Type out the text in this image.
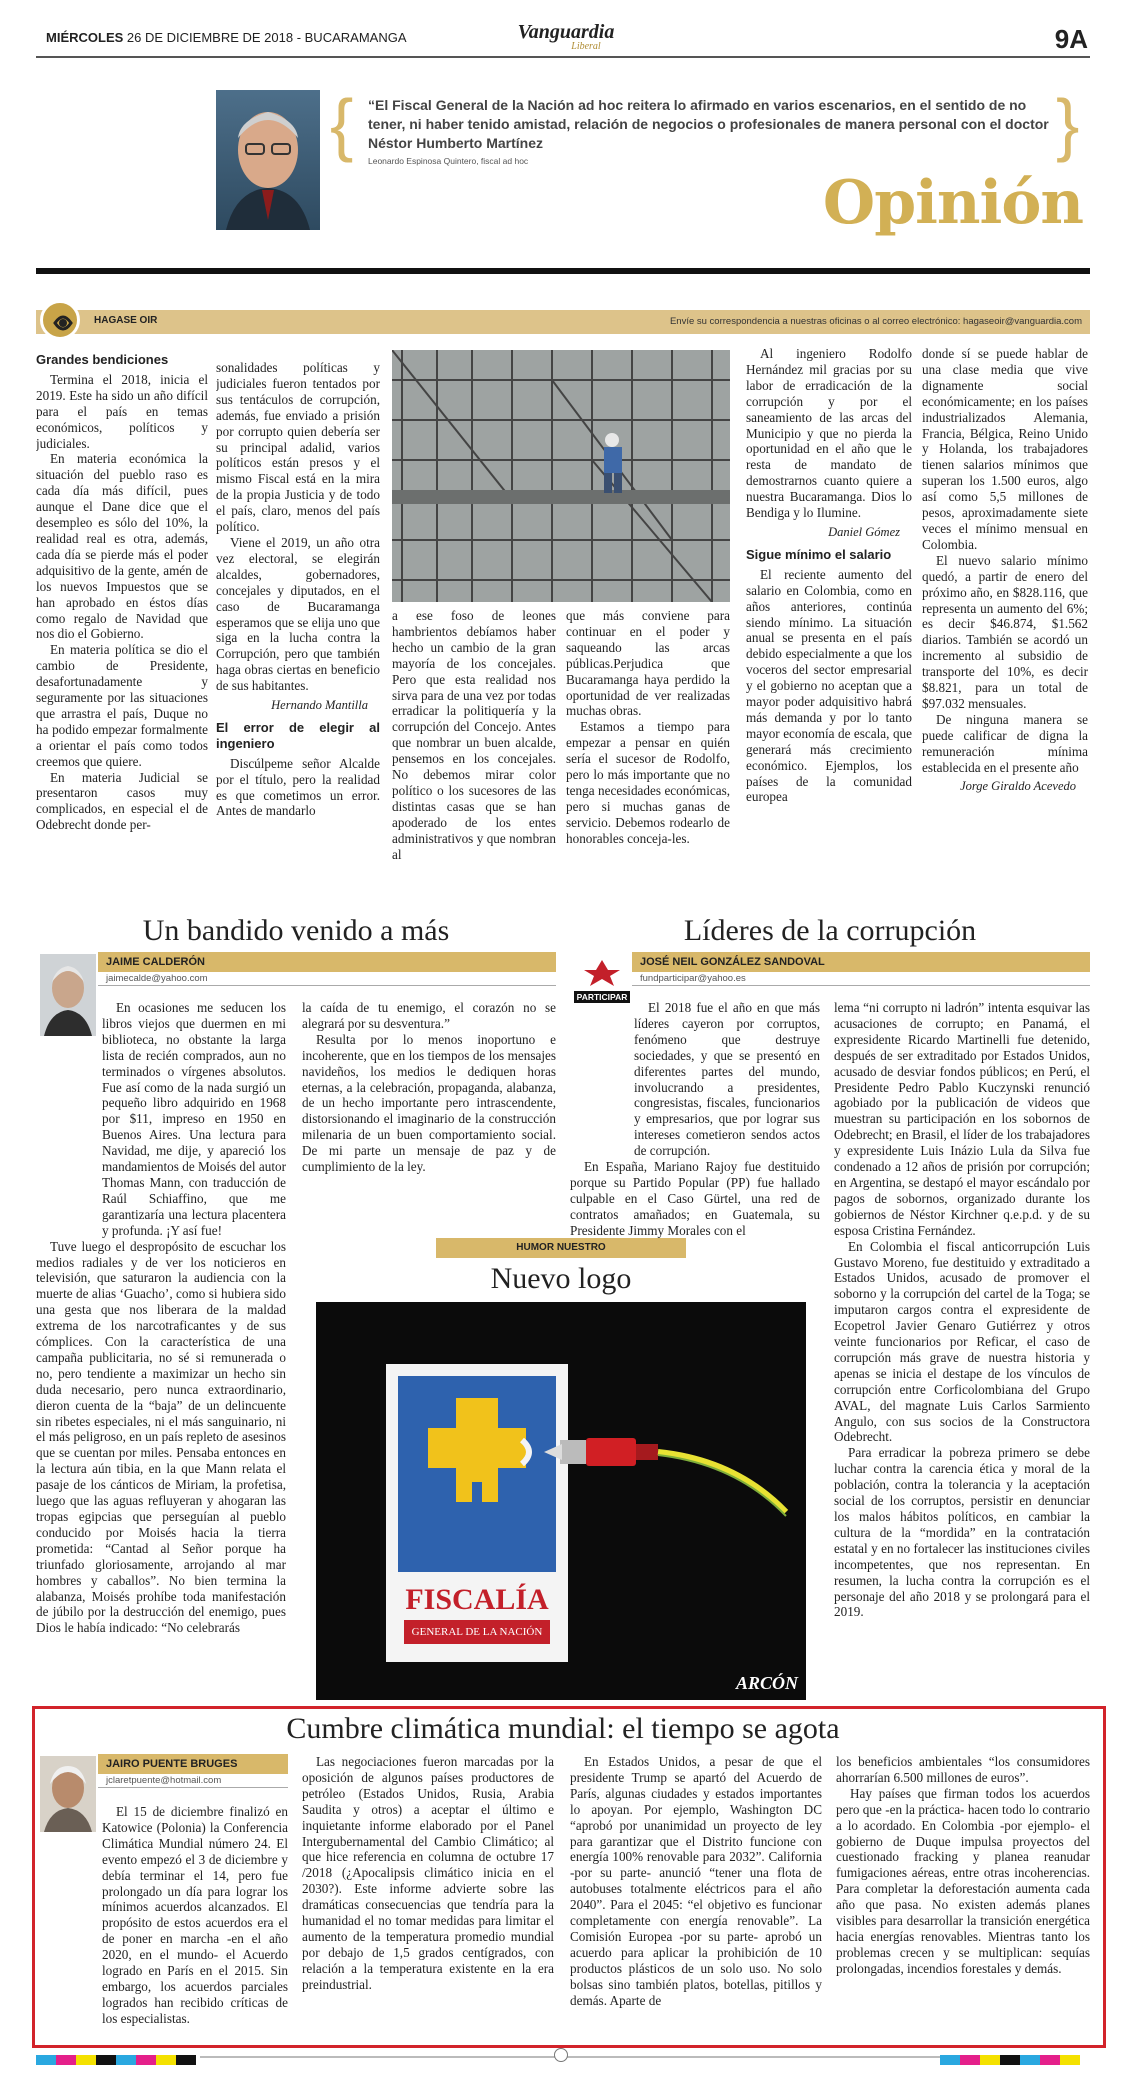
MIÉRCOLES 26 DE DICIEMBRE DE 2018 - BUCARAMANGA	Vanguardia
Liberal	9A
{	}
“El Fiscal General de la Nación ad hoc reitera lo afirmado en varios escenarios, en el sentido de no tener, ni haber tenido amistad, relación de negocios o profesionales de manera personal con el doctor Néstor Humberto Martínez
Leonardo Espinosa Quintero, fiscal ad hoc
Opinión
HAGASE OIR	Envíe su correspondencia a nuestras oficinas o al correo electrónico: hagaseoir@vanguardia.com
Grandes bendiciones

Termina el 2018, inicia el 2019. Este ha sido un año difícil para el país en temas económicos, políticos y judiciales.

En materia económica la situación del pueblo raso es cada día más difícil, pues aunque el Dane dice que el desempleo es sólo del 10%, la realidad real es otra, además, cada día se pierde más el poder adquisitivo de la gente, amén de los nuevos Impuestos que se han aprobado en éstos días como regalo de Navidad que nos dio el Gobierno.

En materia política se dio el cambio de Presidente, desafortunadamente y seguramente por las situaciones que arrastra el país, Duque no ha podido empezar formalmente a orientar el país como todos creemos que quiere.

En materia Judicial se presentaron casos muy complicados, en especial el de Odebrecht donde per-

sonalidades políticas y judiciales fueron tentados por sus tentáculos de corrupción, además, fue enviado a prisión por corrupto quien debería ser su principal adalid, varios políticos están presos y el mismo Fiscal está en la mira de la propia Justicia y de todo el país, claro, menos del país político.

Viene el 2019, un año otra vez electoral, se elegirán alcaldes, gobernadores, concejales y diputados, en el caso de Bucaramanga esperamos que se elija uno que siga en la lucha contra la Corrupción, pero que también haga obras ciertas en beneficio de sus habitantes.

Hernando Mantilla

El error de elegir al ingeniero

Discúlpeme señor Alcalde por el título, pero la realidad es que cometimos un error. Antes de mandarlo

a ese foso de leones hambrientos debíamos haber hecho un cambio de la gran mayoría de los concejales. Pero que esta realidad nos sirva para de una vez por todas erradicar la politiquería y la corrupción del Concejo. Antes que nombrar un buen alcalde, pensemos en los concejales. No debemos mirar color político o los sucesores de las distintas casas que se han apoderado de los entes administrativos y que nombran al

que más conviene para continuar en el poder y saqueando las arcas públicas.Perjudica que Bucaramanga haya perdido la oportunidad de ver realizadas muchas obras.

Estamos a tiempo para empezar a pensar en quién sería el sucesor de Rodolfo, pero lo más importante que no tenga necesidades económicas, pero si muchas ganas de servicio. Debemos rodearlo de honorables conceja-les.

Al ingeniero Rodolfo Hernández mil gracias por su labor de erradicación de la corrupción y por el saneamiento de las arcas del Municipio y que no pierda la oportunidad en el año que le resta de mandato de demostrarnos cuanto quiere a nuestra Bucaramanga. Dios lo Bendiga y lo Ilumine.

Daniel Gómez

Sigue mínimo el salario

El reciente aumento del salario en Colombia, como en años anteriores, continúa siendo mínimo. La situación anual se presenta en el país debido especialmente a que los voceros del sector empresarial y el gobierno no aceptan que a mayor poder adquisitivo habrá más demanda y por lo tanto mayor economía de escala, que generará más crecimiento económico. Ejemplos, los países de la comunidad europea

donde sí se puede hablar de una clase media que vive dignamente social económicamente; en los países industrializados Alemania, Francia, Bélgica, Reino Unido y Holanda, los trabajadores tienen salarios mínimos que superan los 1.500 euros, algo así como 5,5 millones de pesos, aproximadamente siete veces el mínimo mensual en Colombia.

El nuevo salario mínimo quedó, a partir de enero del próximo año, en $828.116, que representa un aumento del 6%; es decir $46.874, $1.562 diarios. También se acordó un incremento al subsidio de transporte del 10%, es decir $8.821, para un total de $97.032 mensuales.

De ninguna manera se puede calificar de digna la remuneración mínima establecida en el presente año

Jorge Giraldo Acevedo

Un bandido venido a más
JAIME CALDERÓN
jaimecalde@yahoo.com

En ocasiones me seducen los libros viejos que duermen en mi biblioteca, no obstante la larga lista de recién comprados, aun no terminados o vírgenes absolutos. Fue así como de la nada surgió un pequeño libro adquirido en 1968 por $11, impreso en 1950 en Buenos Aires. Una lectura para Navidad, me dije, y apareció los mandamientos de Moisés del autor Thomas Mann, con traducción de Raúl Schiaffino, que me garantizaría una lectura placentera y profunda. ¡Y así fue!

Tuve luego el despropósito de escuchar los medios radiales y de ver los noticieros en televisión, que saturaron la audiencia con la muerte de alias ‘Guacho’, como si hubiera sido una gesta que nos liberara de la maldad extrema de los narcotraficantes y de sus cómplices. Con la característica de una campaña publicitaria, no sé si remunerada o no, pero tendiente a maximizar un hecho sin duda necesario, pero nunca extraordinario, dieron cuenta de la “baja” de un delincuente sin ribetes especiales, ni el más sanguinario, ni el más peligroso, en un país repleto de asesinos que se cuentan por miles. Pensaba entonces en la lectura aún tibia, en la que Mann relata el pasaje de los cánticos de Miriam, la profetisa, luego que las aguas refluyeran y ahogaran las tropas egipcias que perseguían al pueblo conducido por Moisés hacia la tierra prometida: “Cantad al Señor porque ha triunfado gloriosamente, arrojando al mar hombres y caballos”. No bien termina la alabanza, Moisés prohíbe toda manifestación de júbilo por la destrucción del enemigo, pues Dios le había indicado: “No celebrarás

la caída de tu enemigo, el corazón no se alegrará por su desventura.”

Resulta por lo menos inoportuno e incoherente, que en los tiempos de los mensajes navideños, los medios le dediquen horas eternas, a la celebración, propaganda, alabanza, de un hecho importante pero intrascendente, distorsionando el imaginario de la construcción milenaria de un buen comportamiento social. De mi parte un mensaje de paz y de cumplimiento de la ley.

Líderes de la corrupción
JOSÉ NEIL GONZÁLEZ SANDOVAL
fundparticipar@yahoo.es
PARTICIPAR

El 2018 fue el año en que más líderes cayeron por corruptos, fenómeno que destruye sociedades, y que se presentó en diferentes partes del mundo, involucrando a presidentes, congresistas, fiscales, funcionarios y empresarios, que por lograr sus intereses cometieron sendos actos de corrupción.

En España, Mariano Rajoy fue destituido porque su Partido Popular (PP) fue hallado culpable en el Caso Gürtel, una red de contratos amañados; en Guatemala, su Presidente Jimmy Morales con el

lema “ni corrupto ni ladrón” intenta esquivar las acusaciones de corrupto; en Panamá, el expresidente Ricardo Martinelli fue detenido, después de ser extraditado por Estados Unidos, acusado de desviar fondos públicos; en Perú, el Presidente Pedro Pablo Kuczynski renunció agobiado por la publicación de videos que muestran su participación en los sobornos de Odebrecht; en Brasil, el líder de los trabajadores y expresidente Luis Inázio Lula da Silva fue condenado a 12 años de prisión por corrupción; en Argentina, se destapó el mayor escándalo por pagos de sobornos, organizado durante los gobiernos de Néstor Kirchner q.e.p.d. y de su esposa Cristina Fernández.

En Colombia el fiscal anticorrupción Luis Gustavo Moreno, fue destituido y extraditado a Estados Unidos, acusado de promover el soborno y la corrupción del cartel de la Toga; se imputaron cargos contra el expresidente de Ecopetrol Javier Genaro Gutiérrez y otros veinte funcionarios por Reficar, el caso de corrupción más grave de nuestra historia y apenas se inicia el destape de los vínculos de corrupción entre Corficolombiana del Grupo AVAL, del magnate Luis Carlos Sarmiento Angulo, con sus socios de la Constructora Odebrecht.

Para erradicar la pobreza primero se debe luchar contra la carencia ética y moral de la población, contra la tolerancia y la aceptación social de los corruptos, persistir en denunciar los malos hábitos políticos, en cambiar la cultura de la “mordida” en la contratación estatal y en no fortalecer las instituciones civiles incompetentes, que nos representan. En resumen, la lucha contra la corrupción es el personaje del año 2018 y se prolongará para el 2019.

HUMOR NUESTRO
Nuevo logo
FISCALÍA
GENERAL DE LA NACIÓN
ARCÓN
Cumbre climática mundial: el tiempo se agota
JAIRO PUENTE BRUGES
jclaretpuente@hotmail.com

El 15 de diciembre finalizó en Katowice (Polonia) la Conferencia Climática Mundial número 24. El evento empezó el 3 de diciembre y debía terminar el 14, pero fue prolongado un día para lograr los mínimos acuerdos alcanzados. El propósito de estos acuerdos era el de poner en marcha -en el año 2020, en el mundo- el Acuerdo logrado en París en el 2015. Sin embargo, los acuerdos parciales logrados han recibido críticas de los especialistas.

Las negociaciones fueron marcadas por la oposición de algunos países productores de petróleo (Estados Unidos, Rusia, Arabia Saudita y otros) a aceptar el último e inquietante informe elaborado por el Panel Intergubernamental del Cambio Climático; al que hice referencia en columna de octubre 17 /2018 (¿Apocalipsis climático inicia en el 2030?). Este informe advierte sobre las dramáticas consecuencias que tendría para la humanidad el no tomar medidas para limitar el aumento de la temperatura promedio mundial por debajo de 1,5 grados centígrados, con relación a la temperatura existente en la era preindustrial.

En Estados Unidos, a pesar de que el presidente Trump se apartó del Acuerdo de París, algunas ciudades y estados importantes lo apoyan. Por ejemplo, Washington DC “aprobó por unanimidad un proyecto de ley para garantizar que el Distrito funcione con energía 100% renovable para 2032”. California -por su parte- anunció “tener una flota de autobuses totalmente eléctricos para el año 2040”. Para el 2045: “el objetivo es funcionar completamente con energía renovable”. La Comisión Europea -por su parte- aprobó un acuerdo para aplicar la prohibición de 10 productos plásticos de un solo uso. No solo bolsas sino también platos, botellas, pitillos y demás. Aparte de

los beneficios ambientales “los consumidores ahorrarían 6.500 millones de euros”.

Hay países que firman todos los acuerdos pero que -en la práctica- hacen todo lo contrario a lo acordado. En Colombia -por ejemplo- el gobierno de Duque impulsa proyectos del cuestionado fracking y planea reanudar fumigaciones aéreas, entre otras incoherencias. Para completar la deforestación aumenta cada año que pasa. No existen además planes visibles para desarrollar la transición energética hacia energías renovables. Mientras tanto los problemas crecen y se multiplican: sequías prolongadas, incendios forestales y demás.
